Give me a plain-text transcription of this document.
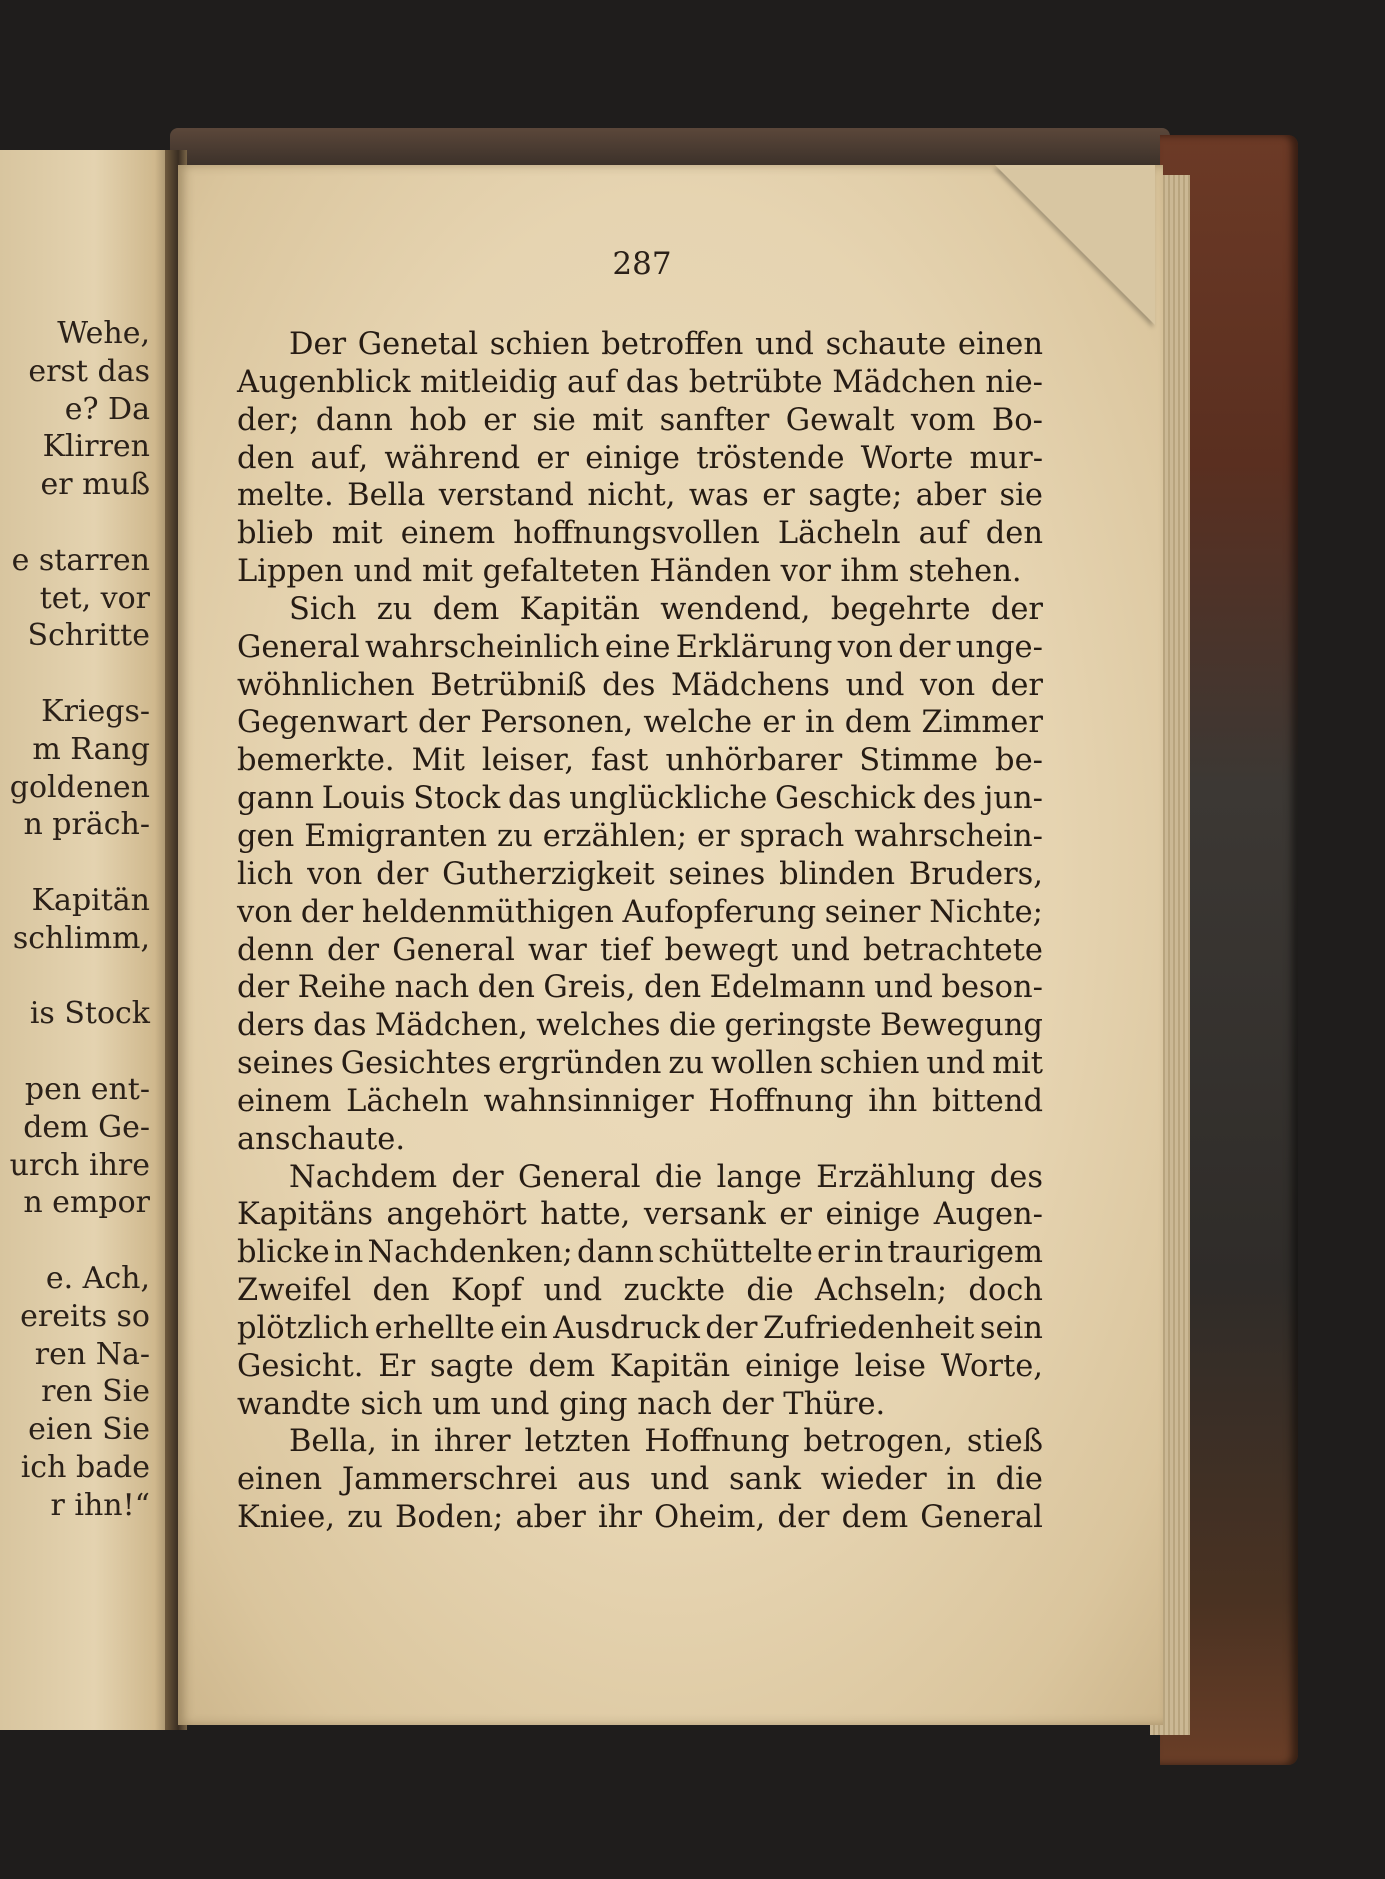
Wehe,
erst das
e? Da
Klirren
er muß
e starren
tet, vor
Schritte
Kriegs-
m Rang
goldenen
n präch-
Kapitän
schlimm,
is Stock
pen ent-
dem Ge-
urch ihre
n empor
e. Ach,
ereits so
ren Na-
ren Sie
eien Sie
ich bade
r ihn!“
287
Der Genetal schien betroffen und schaute einen
Augenblick mitleidig auf das betrübte Mädchen nie-
der; dann hob er sie mit sanfter Gewalt vom Bo-
den auf, während er einige tröstende Worte mur-
melte. Bella verstand nicht, was er sagte; aber sie
blieb mit einem hoffnungsvollen Lächeln auf den
Lippen und mit gefalteten Händen vor ihm stehen.
Sich zu dem Kapitän wendend, begehrte der
General wahrscheinlich eine Erklärung von der unge-
wöhnlichen Betrübniß des Mädchens und von der
Gegenwart der Personen, welche er in dem Zimmer
bemerkte. Mit leiser, fast unhörbarer Stimme be-
gann Louis Stock das unglückliche Geschick des jun-
gen Emigranten zu erzählen; er sprach wahrschein-
lich von der Gutherzigkeit seines blinden Bruders,
von der heldenmüthigen Aufopferung seiner Nichte;
denn der General war tief bewegt und betrachtete
der Reihe nach den Greis, den Edelmann und beson-
ders das Mädchen, welches die geringste Bewegung
seines Gesichtes ergründen zu wollen schien und mit
einem Lächeln wahnsinniger Hoffnung ihn bittend
anschaute.
Nachdem der General die lange Erzählung des
Kapitäns angehört hatte, versank er einige Augen-
blicke in Nachdenken; dann schüttelte er in traurigem
Zweifel den Kopf und zuckte die Achseln; doch
plötzlich erhellte ein Ausdruck der Zufriedenheit sein
Gesicht. Er sagte dem Kapitän einige leise Worte,
wandte sich um und ging nach der Thüre.
Bella, in ihrer letzten Hoffnung betrogen, stieß
einen Jammerschrei aus und sank wieder in die
Kniee, zu Boden; aber ihr Oheim, der dem General
